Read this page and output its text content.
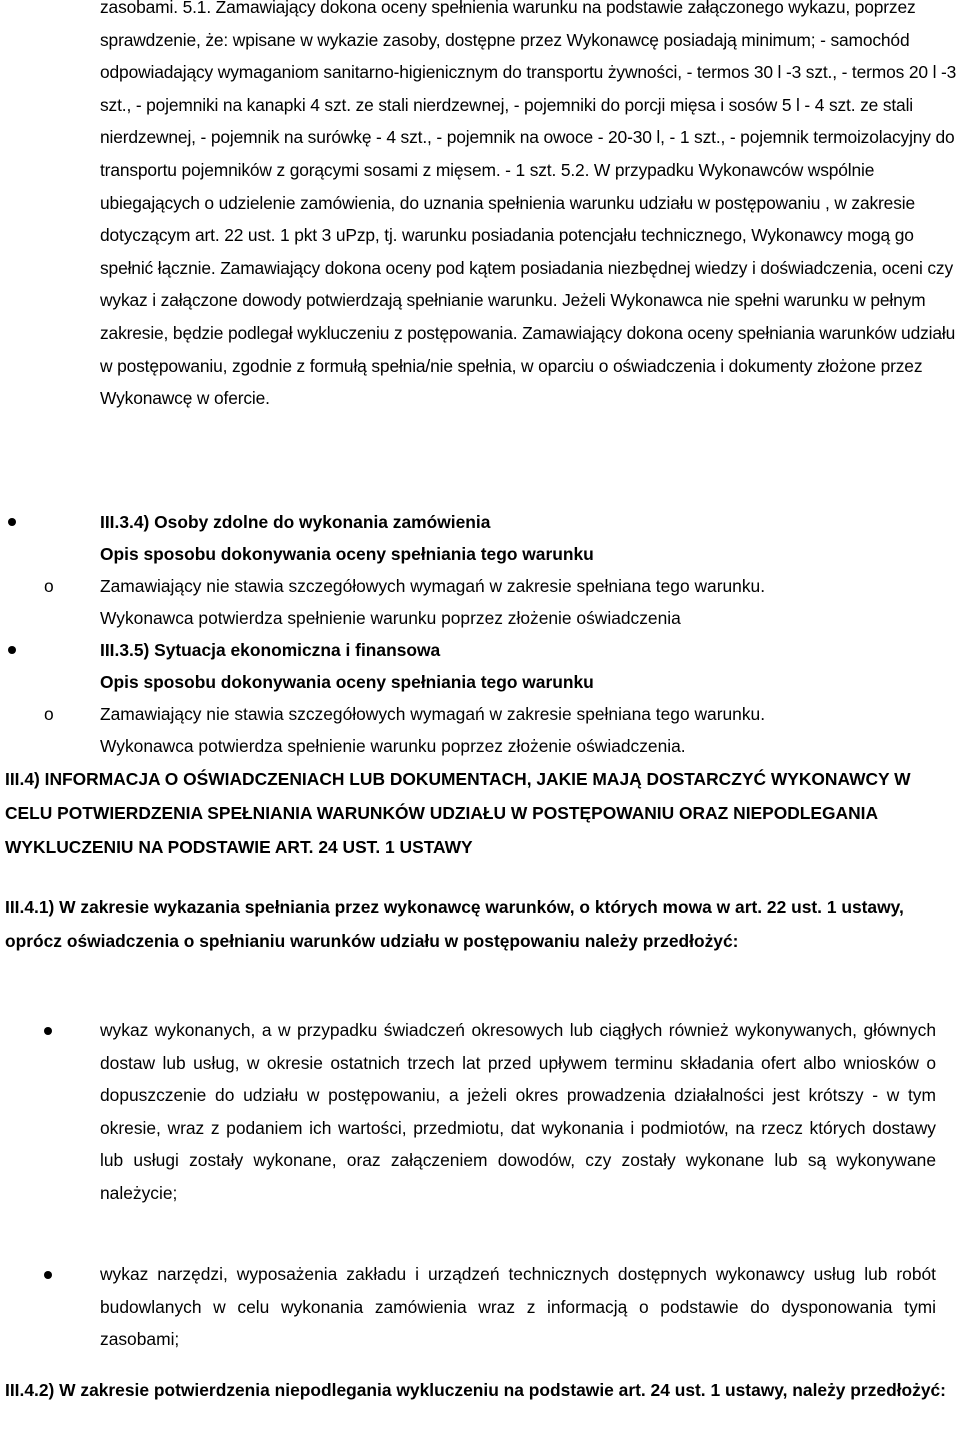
zasobami. 5.1. Zamawiający dokona oceny spełnienia warunku na podstawie załączonego wykazu, poprzez sprawdzenie, że: wpisane w wykazie zasoby, dostępne przez Wykonawcę posiadają minimum; - samochód odpowiadający wymaganiom sanitarno-higienicznym do transportu żywności, - termos 30 l -3 szt., - termos 20 l -3 szt., - pojemniki na kanapki 4 szt. ze stali nierdzewnej, - pojemniki do porcji mięsa i sosów 5 l - 4 szt. ze stali nierdzewnej, - pojemnik na surówkę - 4 szt., - pojemnik na owoce - 20-30 l, - 1 szt., - pojemnik termoizolacyjny do transportu pojemników z gorącymi sosami z mięsem. - 1 szt. 5.2. W przypadku Wykonawców wspólnie ubiegających o udzielenie zamówienia, do uznania spełnienia warunku udziału w postępowaniu , w zakresie dotyczącym art. 22 ust. 1 pkt 3 uPzp, tj. warunku posiadania potencjału technicznego, Wykonawcy mogą go spełnić łącznie. Zamawiający dokona oceny pod kątem posiadania niezbędnej wiedzy i doświadczenia, oceni czy wykaz i załączone dowody potwierdzają spełnianie warunku. Jeżeli Wykonawca nie spełni warunku w pełnym zakresie, będzie podlegał wykluczeniu z postępowania. Zamawiający dokona oceny spełniania warunków udziału w postępowaniu, zgodnie z formułą spełnia/nie spełnia, w oparciu o oświadczenia i dokumenty złożone przez Wykonawcę w ofercie.

III.3.4) Osoby zdolne do wykonania zamówienia
Opis sposobu dokonywania oceny spełniania tego warunku
o	Zamawiający nie stawia szczegółowych wymagań w zakresie spełniana tego warunku.
Wykonawca potwierdza spełnienie warunku poprzez złożenie oświadczenia
III.3.5) Sytuacja ekonomiczna i finansowa
Opis sposobu dokonywania oceny spełniania tego warunku
o	Zamawiający nie stawia szczegółowych wymagań w zakresie spełniana tego warunku.
Wykonawca potwierdza spełnienie warunku poprzez złożenie oświadczenia.
III.4) INFORMACJA O OŚWIADCZENIACH LUB DOKUMENTACH, JAKIE MAJĄ DOSTARCZYĆ WYKONAWCY W CELU POTWIERDZENIA SPEŁNIANIA WARUNKÓW UDZIAŁU W POSTĘPOWANIU ORAZ NIEPODLEGANIA WYKLUCZENIU NA PODSTAWIE ART. 24 UST. 1 USTAWY
III.4.1) W zakresie wykazania spełniania przez wykonawcę warunków, o których mowa w art. 22 ust. 1 ustawy, oprócz oświadczenia o spełnianiu warunków udziału w postępowaniu należy przedłożyć:
wykaz wykonanych, a w przypadku świadczeń okresowych lub ciągłych również wykonywanych, głównych dostaw lub usług, w okresie ostatnich trzech lat przed upływem terminu składania ofert albo wniosków o dopuszczenie do udziału w postępowaniu, a jeżeli okres prowadzenia działalności jest krótszy - w tym okresie, wraz z podaniem ich wartości, przedmiotu, dat wykonania i podmiotów, na rzecz których dostawy lub usługi zostały wykonane, oraz załączeniem dowodów, czy zostały wykonane lub są wykonywane należycie;
wykaz narzędzi, wyposażenia zakładu i urządzeń technicznych dostępnych wykonawcy usług lub robót budowlanych w celu wykonania zamówienia wraz z informacją o podstawie do dysponowania tymi zasobami;
III.4.2) W zakresie potwierdzenia niepodlegania wykluczeniu na podstawie art. 24 ust. 1 ustawy, należy przedłożyć:
